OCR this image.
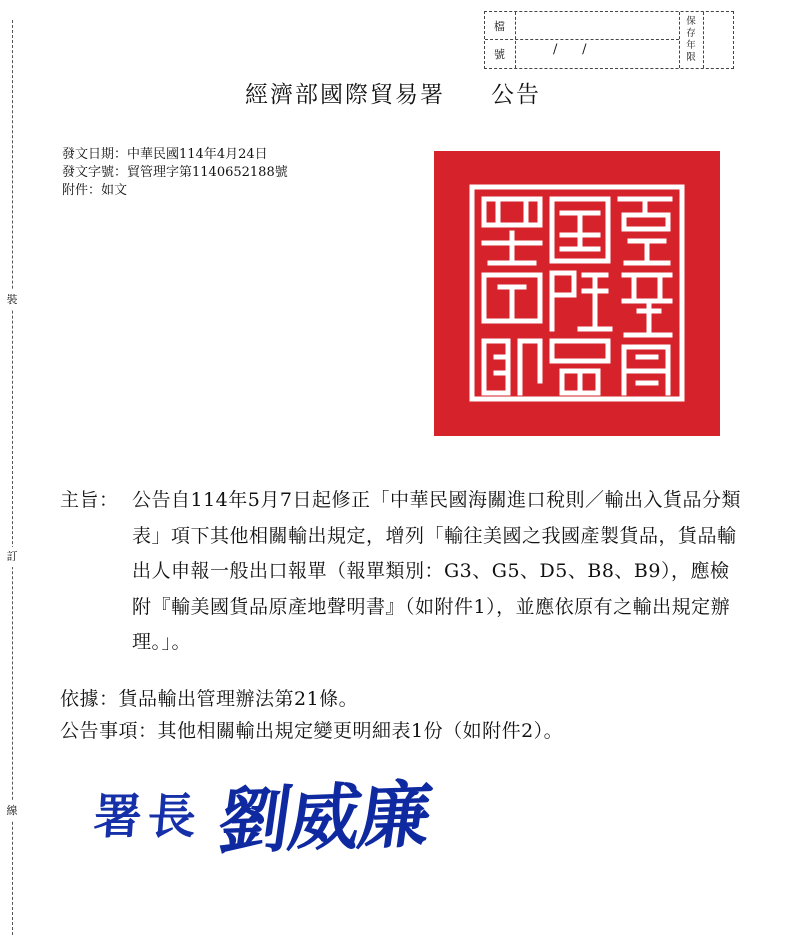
裝
訂
線
檔
號	/      /
保存年限
經濟部國際貿易署 公告
發文日期：中華民國114年4月24日
發文字號：貿管理字第1140652188號
附件：如文
主旨： 公告自114年5月7日起修正「中華民國海關進口稅則／輸出入貨品分類表」項下其他相關輸出規定，增列「輸往美國之我國產製貨品，貨品輸出人申報一般出口報單（報單類別：G3、G5、D5、B8、B9），應檢附『輸美國貨品原產地聲明書』（如附件1），並應依原有之輸出規定辦理。」。
依據：貨品輸出管理辦法第21條。
公告事項：其他相關輸出規定變更明細表1份（如附件2）。
署長 劉威廉
